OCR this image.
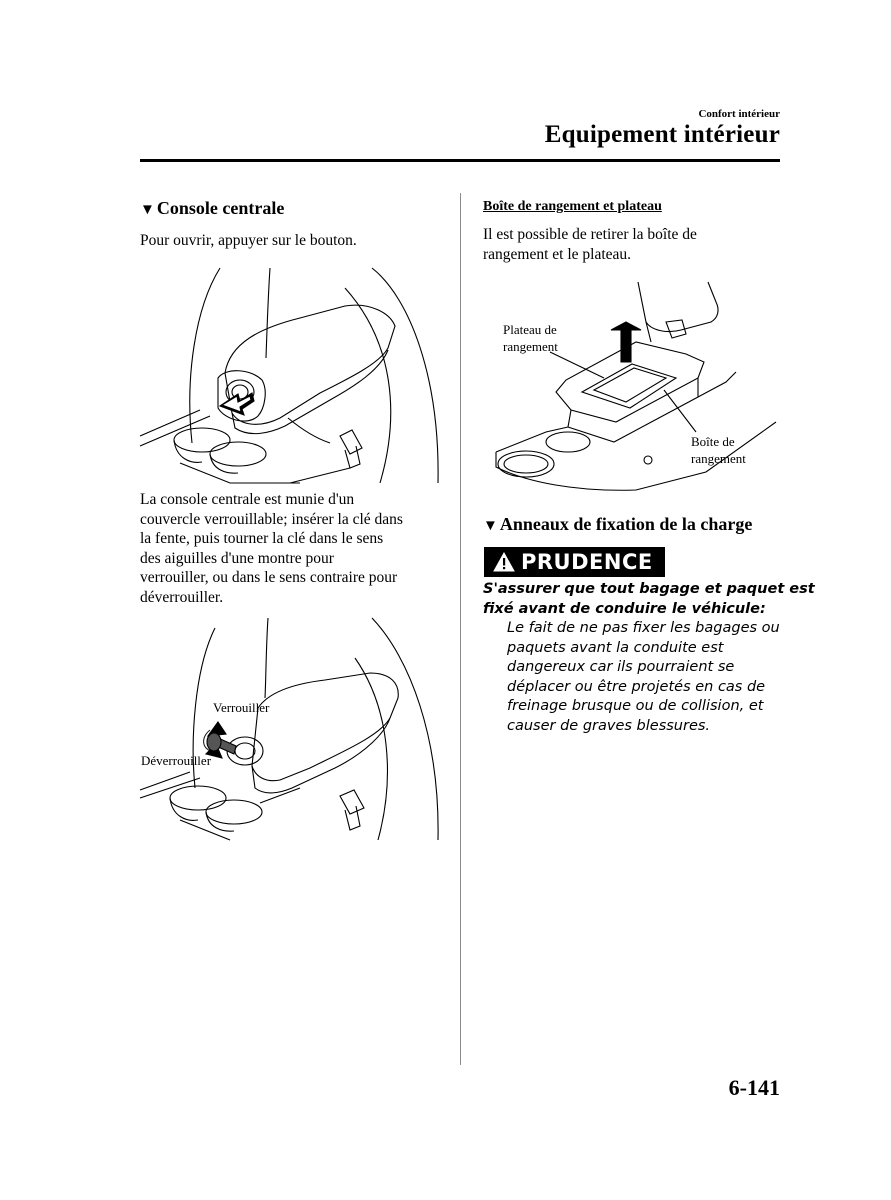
Confort intérieur
Equipement intérieur
▼ Console centrale
Pour ouvrir, appuyer sur le bouton.
La console centrale est munie d'un
couvercle verrouillable; insérer la clé dans
la fente, puis tourner la clé dans le sens
des aiguilles d'une montre pour
verrouiller, ou dans le sens contraire pour
déverrouiller.
Verrouiller
Déverrouiller
Boîte de rangement et plateau
Il est possible de retirer la boîte de
rangement et le plateau.
Plateau de
rangement
Boîte de
rangement
▼ Anneaux de fixation de la charge
PRUDENCE
S'assurer que tout bagage et paquet est
fixé avant de conduire le véhicule:
Le fait de ne pas fixer les bagages ou
paquets avant la conduite est
dangereux car ils pourraient se
déplacer ou être projetés en cas de
freinage brusque ou de collision, et
causer de graves blessures.
6-141
